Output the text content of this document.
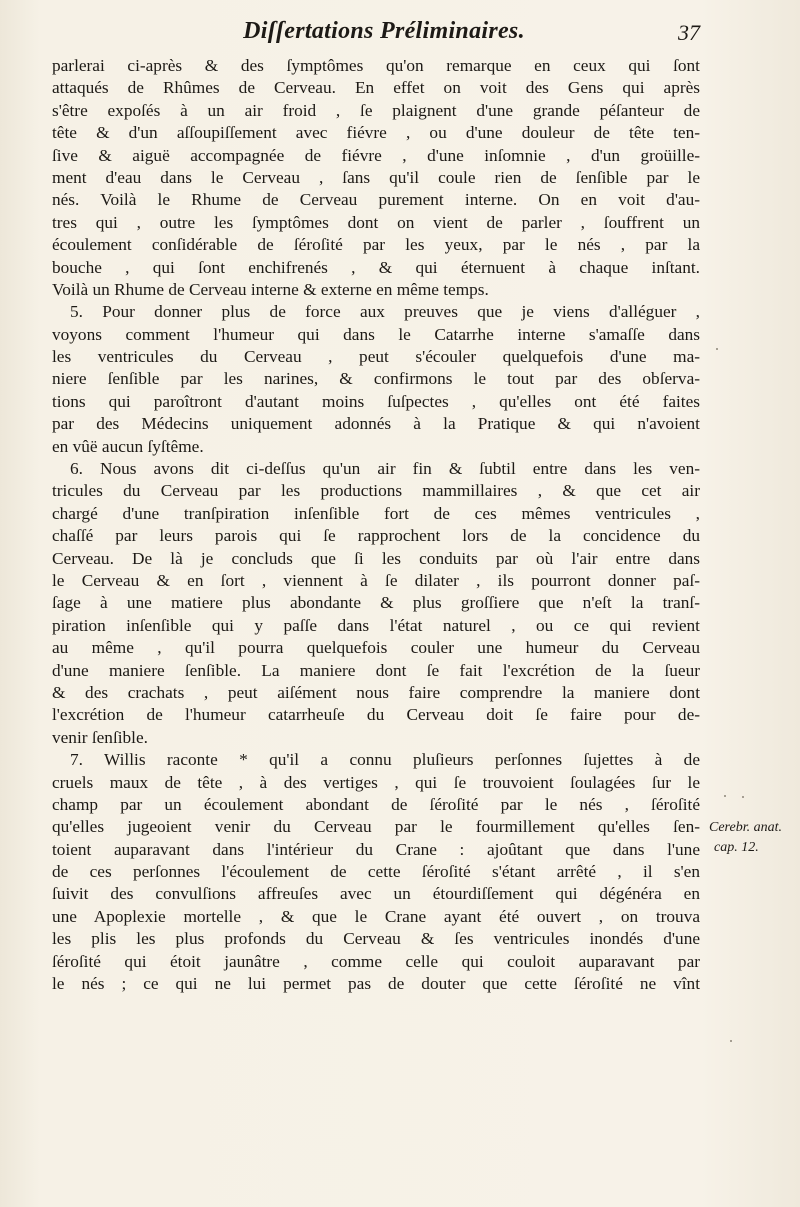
Diſſertations Préliminaires.	37
parlerai ci-après & des ſymptômes qu'on remarque en ceux qui ſont
attaqués de Rhûmes de Cerveau. En effet on voit des Gens qui après
s'être expoſés à un air froid , ſe plaignent d'une grande péſanteur de
tête & d'un aſſoupiſſement avec fiévre , ou d'une douleur de tête ten-
ſive & aiguë accompagnée de fiévre , d'une inſomnie , d'un groüille-
ment d'eau dans le Cerveau , ſans qu'il coule rien de ſenſible par le
nés. Voilà le Rhume de Cerveau purement interne. On en voit d'au-
tres qui , outre les ſymptômes dont on vient de parler , ſouffrent un
écoulement conſidérable de ſéroſité par les yeux, par le nés , par la
bouche , qui ſont enchifrenés , & qui éternuent à chaque inſtant.
Voilà un Rhume de Cerveau interne & externe en même temps.
5. Pour donner plus de force aux preuves que je viens d'alléguer ,
voyons comment l'humeur qui dans le Catarrhe interne s'amaſſe dans
les ventricules du Cerveau , peut s'écouler quelquefois d'une ma-
niere ſenſible par les narines, & confirmons le tout par des obſerva-
tions qui paroîtront d'autant moins ſuſpectes , qu'elles ont été faites
par des Médecins uniquement adonnés à la Pratique & qui n'avoient
en vûë aucun ſyſtême.
6. Nous avons dit ci-deſſus qu'un air fin & ſubtil entre dans les ven-
tricules du Cerveau par les productions mammillaires , & que cet air
chargé d'une tranſpiration inſenſible fort de ces mêmes ventricules ,
chaſſé par leurs parois qui ſe rapprochent lors de la concidence du
Cerveau. De là je concluds que ſi les conduits par où l'air entre dans
le Cerveau & en ſort , viennent à ſe dilater , ils pourront donner paſ-
ſage à une matiere plus abondante & plus groſſiere que n'eſt la tranſ-
piration inſenſible qui y paſſe dans l'état naturel , ou ce qui revient
au même , qu'il pourra quelquefois couler une humeur du Cerveau
d'une maniere ſenſible. La maniere dont ſe fait l'excrétion de la ſueur
& des crachats , peut aiſément nous faire comprendre la maniere dont
l'excrétion de l'humeur catarrheuſe du Cerveau doit ſe faire pour de-
venir ſenſible.
7. Willis raconte * qu'il a connu pluſieurs perſonnes ſujettes à de
cruels maux de tête , à des vertiges , qui ſe trouvoient ſoulagées ſur le
champ par un écoulement abondant de ſéroſité par le nés , ſéroſité
qu'elles jugeoient venir du Cerveau par le fourmillement qu'elles ſen-
toient auparavant dans l'intérieur du Crane : ajoûtant que dans l'une
de ces perſonnes l'écoulement de cette ſéroſité s'étant arrêté , il s'en
ſuivit des convulſions affreuſes avec un étourdiſſement qui dégénéra en
une Apoplexie mortelle , & que le Crane ayant été ouvert , on trouva
les plis les plus profonds du Cerveau & ſes ventricules inondés d'une
ſéroſité qui étoit jaunâtre , comme celle qui couloit auparavant par
le nés ; ce qui ne lui permet pas de douter que cette ſéroſité ne vînt
Cerebr. anat.
cap. 12.
